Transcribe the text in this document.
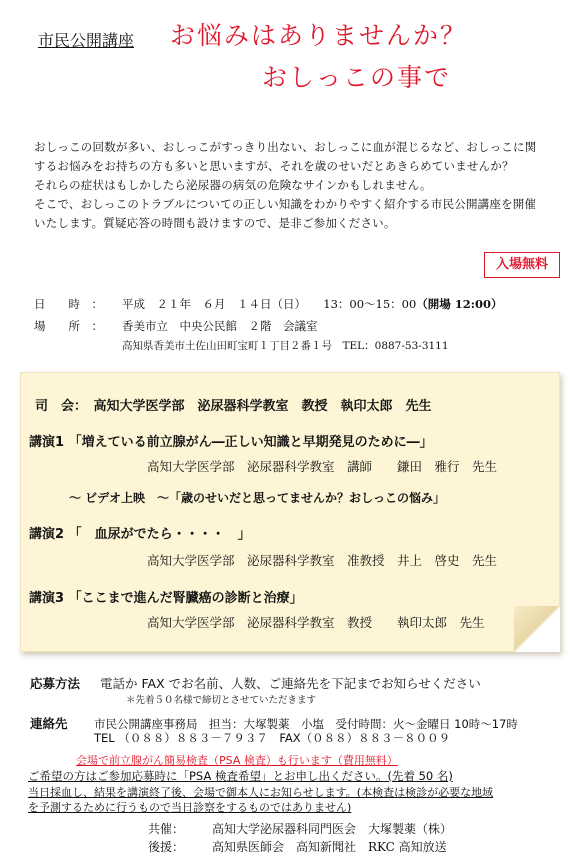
市民公開講座 お悩みはありませんか？
おしっこの事で

おしっこの回数が多い、おしっこがすっきり出ない、おしっこに血が混じるなど、おしっこに関

するお悩みをお持ちの方も多いと思いますが、それを歳のせいだとあきらめていませんか？

それらの症状はもしかしたら泌尿器の病気の危険なサインかもしれません。

そこで、おしっこのトラブルについての正しい知識をわかりやすく紹介する市民公開講座を開催

いたします。質疑応答の時間も設けますので、是非ご参加ください。

入場無料
日　　時　： 平成　２１年　６月　１４日（日）　　13：00～15：00（開場 12:00）
場　　所　： 香美市立　中央公民館　２階　会議室
高知県香美市土佐山田町宝町１丁目２番１号　TEL：0887-53-3111
司　会：　高知大学医学部　泌尿器科学教室　教授　執印太郎　先生
講演1 「増えている前立腺がん―正しい知識と早期発見のために―」
高知大学医学部　泌尿器科学教室　講師　　鎌田　雅行　先生
～ ビデオ上映　～「歳のせいだと思ってませんか？おしっこの悩み」
講演2 「　血尿がでたら・・・・　」
高知大学医学部　泌尿器科学教室　准教授　井上　啓史　先生
講演3 「ここまで進んだ腎臓癌の診断と治療」
高知大学医学部　泌尿器科学教室　教授　　執印太郎　先生
応募方法 電話か FAX でお名前、人数、ご連絡先を下記までお知らせください
＊先着５０名様で締切とさせていただきます
連絡先 市民公開講座事務局　担当：大塚製薬　小塩　受付時間：火～金曜日 10時～17時
TEL （０８８）８８３－７９３７　FAX（０８８）８８３－８００９
会場で前立腺がん簡易検査（PSA 検査）も行います（費用無料）
ご希望の方はご参加応募時に「PSA 検査希望」とお申し出ください。(先着 50 名)
当日採血し、結果を講演終了後、会場で御本人にお知らせします。(本検査は検診が必要な地域
を予測するために行うもので当日診察をするものではありません)
共催： 高知大学泌尿器科同門医会　大塚製薬（株）
後援： 高知県医師会　高知新聞社　RKC 高知放送
